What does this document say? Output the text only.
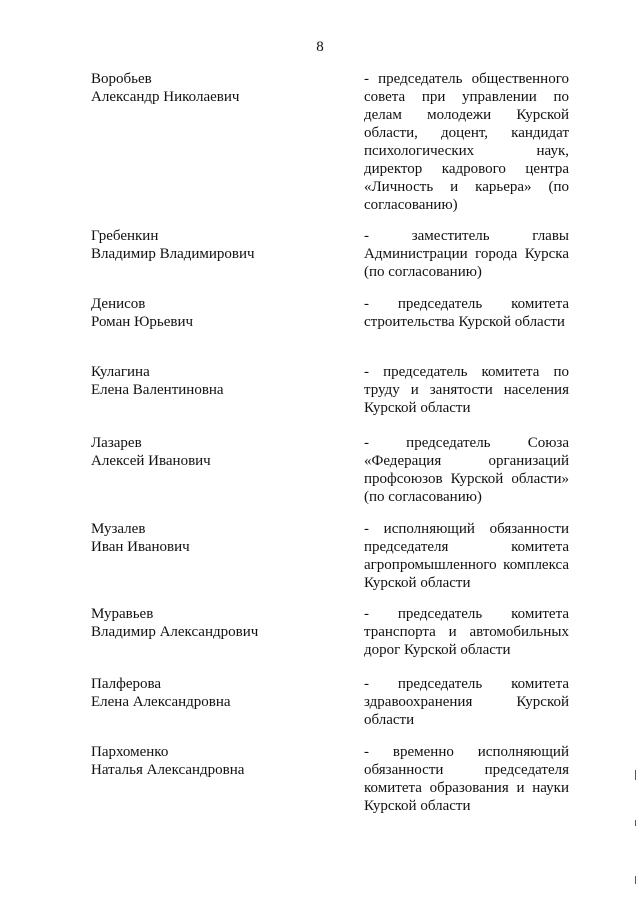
8
Воробьев
Александр Николаевич
- председатель общественного совета при управлении по делам молодежи Курской области, доцент, кандидат психологических наук, директор кадрового центра «Личность и карьера» (по согласованию)
Гребенкин
Владимир Владимирович
- заместитель главы Администрации города Курска (по согласованию)
Денисов
Роман Юрьевич
- председатель комитета строительства Курской области
Кулагина
Елена Валентиновна
- председатель комитета по труду и занятости населения Курской области
Лазарев
Алексей Иванович
- председатель Союза «Федерация организаций профсоюзов Курской области» (по согласованию)
Музалев
Иван Иванович
- исполняющий обязанности председателя комитета агропромышленного комплекса Курской области
Муравьев
Владимир Александрович
- председатель комитета транспорта и автомобильных дорог Курской области
Палферова
Елена Александровна
- председатель комитета здравоохранения Курской области
Пархоменко
Наталья Александровна
- временно исполняющий обязанности председателя комитета образования и науки Курской области
